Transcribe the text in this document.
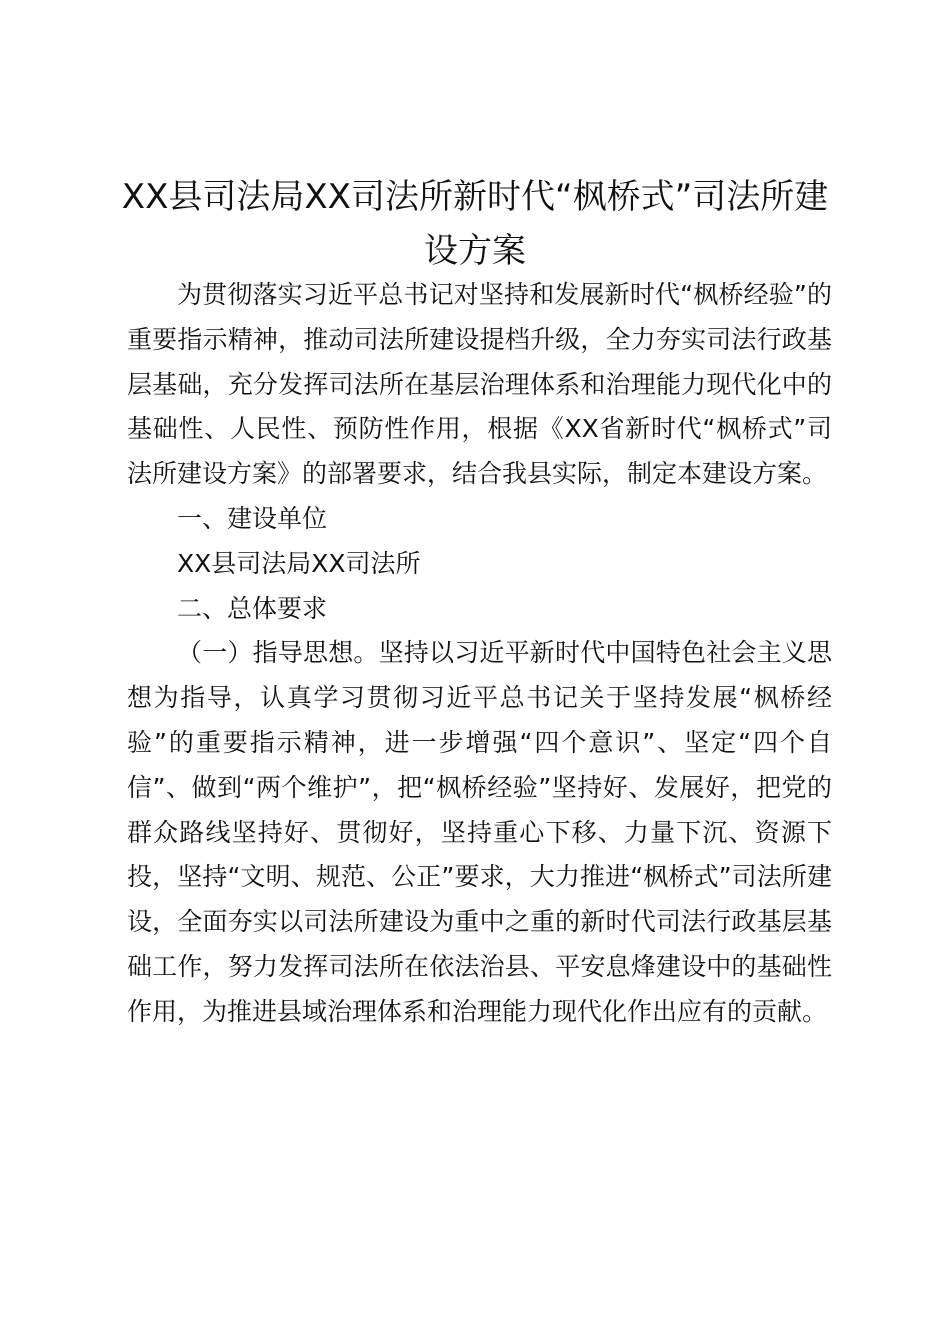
XX县司法局XX司法所新时代“枫桥式”司法所建设方案

为贯彻落实习近平总书记对坚持和发展新时代“枫桥经验”的重要指示精神，推动司法所建设提档升级，全力夯实司法行政基层基础，充分发挥司法所在基层治理体系和治理能力现代化中的基础性、人民性、预防性作用，根据《XX省新时代“枫桥式”司法所建设方案》的部署要求，结合我县实际，制定本建设方案。

一、建设单位

XX县司法局XX司法所

二、总体要求

（一）指导思想。坚持以习近平新时代中国特色社会主义思想为指导，认真学习贯彻习近平总书记关于坚持发展“枫桥经验”的重要指示精神，进一步增强“四个意识”、坚定“四个自信”、做到“两个维护”，把“枫桥经验”坚持好、发展好，把党的群众路线坚持好、贯彻好，坚持重心下移、力量下沉、资源下投，坚持“文明、规范、公正”要求，大力推进“枫桥式”司法所建设，全面夯实以司法所建设为重中之重的新时代司法行政基层基础工作，努力发挥司法所在依法治县、平安息烽建设中的基础性作用，为推进县域治理体系和治理能力现代化作出应有的贡献。
